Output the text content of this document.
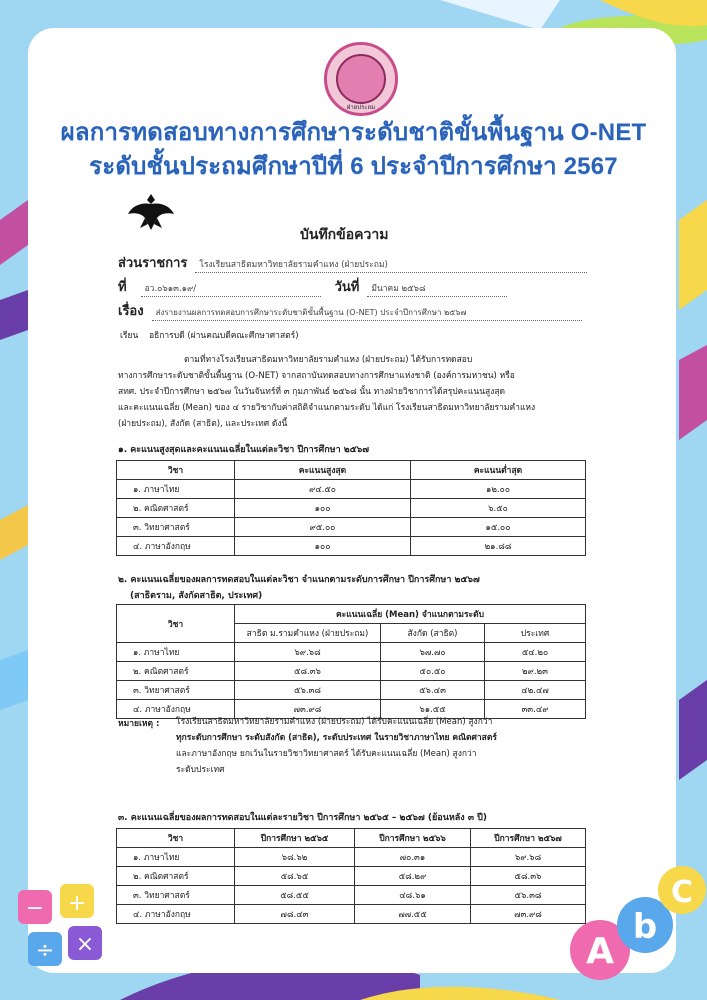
− +
÷ ×	A
b
C
ฝ่ายประถม
ผลการทดสอบทางการศึกษาระดับชาติขั้นพื้นฐาน O-NET
ระดับชั้นประถมศึกษาปีที่ 6 ประจำปีการศึกษา 2567
บันทึกข้อความ
ส่วนราชการ	โรงเรียนสาธิตมหาวิทยาลัยรามคำแหง (ฝ่ายประถม)
ที่	อว.๐๖๑๓.๑๙/	วันที่	มีนาคม ๒๕๖๘
เรื่อง	ส่งรายงานผลการทดสอบการศึกษาระดับชาติขั้นพื้นฐาน (O-NET) ประจำปีการศึกษา ๒๕๖๗
เรียน อธิการบดี (ผ่านคณบดีคณะศึกษาศาสตร์)
ตามที่ทางโรงเรียนสาธิตมหาวิทยาลัยรามคำแหง (ฝ่ายประถม) ได้รับการทดสอบ
ทางการศึกษาระดับชาติขั้นพื้นฐาน (O-NET) จากสถาบันทดสอบทางการศึกษาแห่งชาติ (องค์การมหาชน) หรือ
สทศ. ประจำปีการศึกษา ๒๕๖๗ ในวันจันทร์ที่ ๓ กุมภาพันธ์ ๒๕๖๘ นั้น ทางฝ่ายวิชาการได้สรุปคะแนนสูงสุด
และคะแนนเฉลี่ย (Mean) ของ ๔ รายวิชากับค่าสถิติจำแนกตามระดับ ได้แก่ โรงเรียนสาธิตมหาวิทยาลัยรามคำแหง
(ฝ่ายประถม), สังกัด (สาธิต), และประเทศ ดังนี้
๑. คะแนนสูงสุดและคะแนนเฉลี่ยในแต่ละวิชา ปีการศึกษา ๒๕๖๗
วิชา	คะแนนสูงสุด	คะแนนต่ำสุด
๑. ภาษาไทย	๙๔.๕๐	๑๒.๐๐
๒. คณิตศาสตร์	๑๐๐	๖.๕๐
๓. วิทยาศาสตร์	๙๕.๐๐	๑๕.๐๐
๔. ภาษาอังกฤษ	๑๐๐	๒๑.๘๘
๒. คะแนนเฉลี่ยของผลการทดสอบในแต่ละวิชา จำแนกตามระดับการศึกษา ปีการศึกษา ๒๕๖๗
(สาธิตราม, สังกัดสาธิต, ประเทศ)
วิชา	คะแนนเฉลี่ย (Mean) จำแนกตามระดับ		
	สาธิต ม.รามคำแหง (ฝ่ายประถม)	สังกัด (สาธิต)	ประเทศ
๑. ภาษาไทย	๖๙.๖๘	๖๗.๗๐	๕๔.๒๐
๒. คณิตศาสตร์	๕๘.๓๖	๕๐.๕๐	๒๙.๒๓
๓. วิทยาศาสตร์	๕๖.๓๘	๕๖.๔๓	๔๒.๔๗
๔. ภาษาอังกฤษ	๗๓.๙๘	๖๑.๕๕	๓๓.๔๙
หมายเหตุ : โรงเรียนสาธิตมหาวิทยาลัยรามคำแหง (ฝ่ายประถม) ได้รับคะแนนเฉลี่ย (Mean) สูงกว่า
ทุกระดับการศึกษา ระดับสังกัด (สาธิต), ระดับประเทศ ในรายวิชาภาษาไทย คณิตศาสตร์
และภาษาอังกฤษ ยกเว้นในรายวิชาวิทยาศาสตร์ ได้รับคะแนนเฉลี่ย (Mean) สูงกว่า
ระดับประเทศ
๓. คะแนนเฉลี่ยของผลการทดสอบในแต่ละรายวิชา ปีการศึกษา ๒๕๖๕ – ๒๕๖๗ (ย้อนหลัง ๓ ปี)
วิชา	ปีการศึกษา ๒๕๖๕	ปีการศึกษา ๒๕๖๖	ปีการศึกษา ๒๕๖๗
๑. ภาษาไทย	๖๘.๖๒	๗๐.๓๑	๖๙.๖๘
๒. คณิตศาสตร์	๕๘.๖๕	๕๘.๒๙	๕๘.๓๖
๓. วิทยาศาสตร์	๕๘.๕๕	๔๘.๖๑	๕๖.๓๘
๔. ภาษาอังกฤษ	๗๘.๔๓	๗๗.๕๕	๗๓.๙๘
